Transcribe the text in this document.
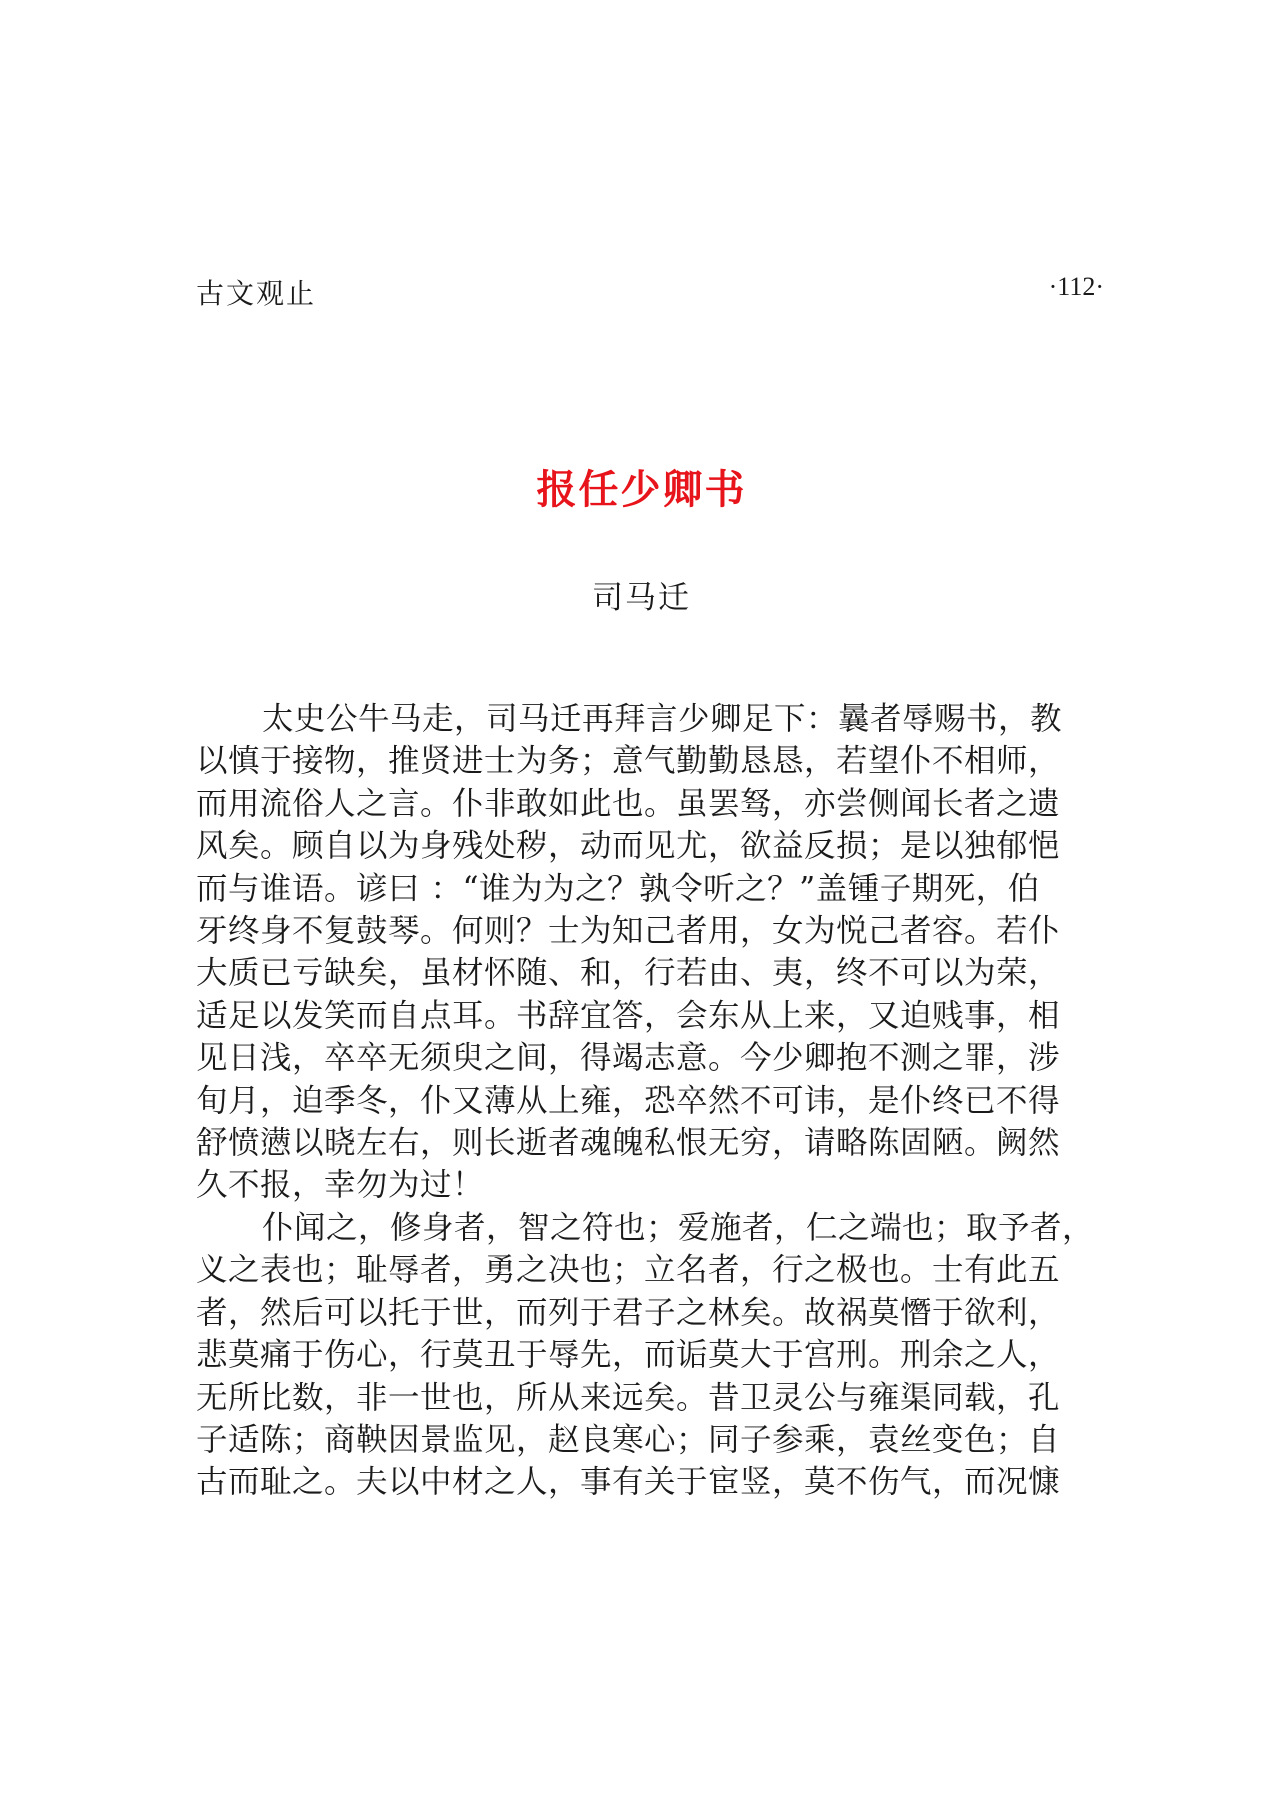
古文观止	·112·
报任少卿书
司马迁
太史公牛马走，司马迁再拜言少卿足下：曩者辱赐书，教
以慎于接物，推贤进士为务；意气勤勤恳恳，若望仆不相师，
而用流俗人之言。仆非敢如此也。虽罢驽，亦尝侧闻长者之遗
风矣。顾自以为身残处秽，动而见尤，欲益反损；是以独郁悒
而与谁语。谚曰 ：“谁为为之？孰令听之？”盖锺子期死，伯
牙终身不复鼓琴。何则？士为知己者用，女为悦己者容。若仆
大质已亏缺矣，虽材怀随、和，行若由、夷，终不可以为荣，
适足以发笑而自点耳。书辞宜答，会东从上来，又迫贱事，相
见日浅，卒卒无须臾之间，得竭志意。今少卿抱不测之罪，涉
旬月，迫季冬，仆又薄从上雍，恐卒然不可讳，是仆终已不得
舒愤懑以晓左右，则长逝者魂魄私恨无穷，请略陈固陋。阙然
久不报，幸勿为过！
仆闻之，修身者，智之符也；爱施者，仁之端也；取予者，
义之表也；耻辱者，勇之决也；立名者，行之极也。士有此五
者，然后可以托于世，而列于君子之林矣。故祸莫憯于欲利，
悲莫痛于伤心，行莫丑于辱先，而诟莫大于宫刑。刑余之人，
无所比数，非一世也，所从来远矣。昔卫灵公与雍渠同载，孔
子适陈；商鞅因景监见，赵良寒心；同子参乘，袁丝变色；自
古而耻之。夫以中材之人，事有关于宦竖，莫不伤气，而况慷
